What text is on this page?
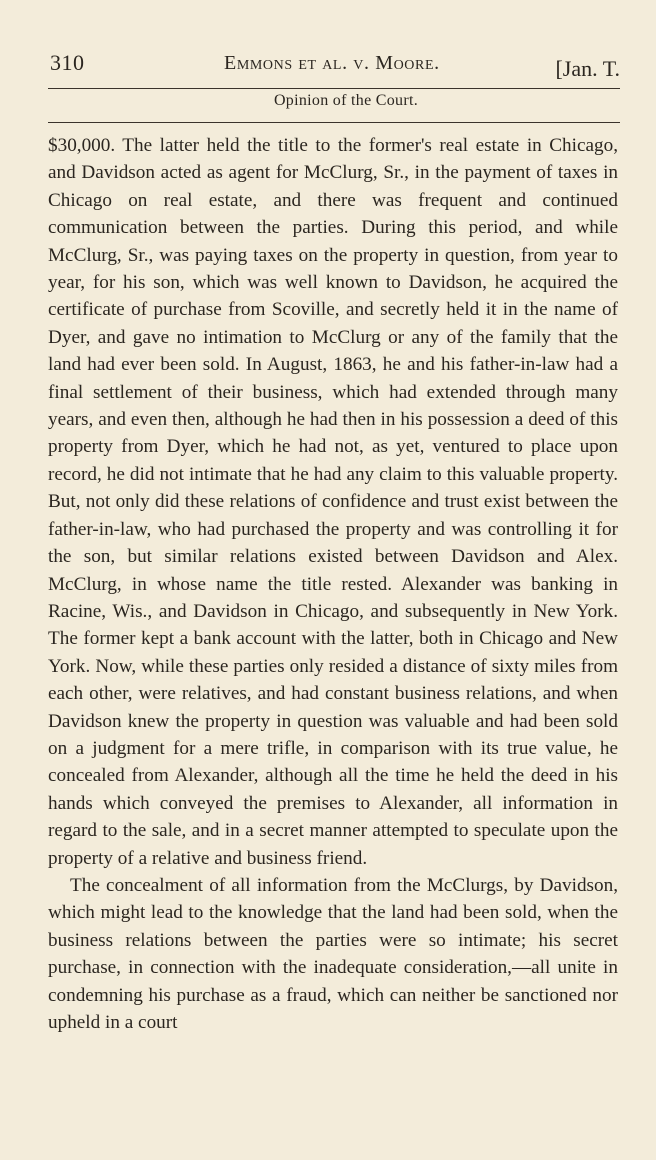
310	Emmons et al. v. Moore.	[Jan. T.
Opinion of the Court.

$30,000. The latter held the title to the former's real estate in Chicago, and Davidson acted as agent for McClurg, Sr., in the payment of taxes in Chicago on real estate, and there was frequent and continued communication between the parties. During this period, and while McClurg, Sr., was paying taxes on the property in question, from year to year, for his son, which was well known to Davidson, he acquired the certificate of purchase from Scoville, and secretly held it in the name of Dyer, and gave no intimation to McClurg or any of the family that the land had ever been sold. In August, 1863, he and his father-in-law had a final settlement of their business, which had extended through many years, and even then, although he had then in his possession a deed of this property from Dyer, which he had not, as yet, ventured to place upon record, he did not intimate that he had any claim to this valuable property. But, not only did these relations of confidence and trust exist between the father-in-law, who had purchased the property and was controlling it for the son, but similar relations existed between Davidson and Alex. McClurg, in whose name the title rested. Alexander was banking in Racine, Wis., and Davidson in Chicago, and subsequently in New York. The former kept a bank account with the latter, both in Chicago and New York. Now, while these parties only resided a distance of sixty miles from each other, were relatives, and had constant business relations, and when Davidson knew the property in question was valuable and had been sold on a judgment for a mere trifle, in comparison with its true value, he concealed from Alexander, although all the time he held the deed in his hands which conveyed the premises to Alexander, all information in regard to the sale, and in a secret manner attempted to speculate upon the property of a relative and business friend.

The concealment of all information from the McClurgs, by Davidson, which might lead to the knowledge that the land had been sold, when the business relations between the parties were so intimate; his secret purchase, in connection with the inadequate consideration,—all unite in condemning his purchase as a fraud, which can neither be sanctioned nor upheld in a court
